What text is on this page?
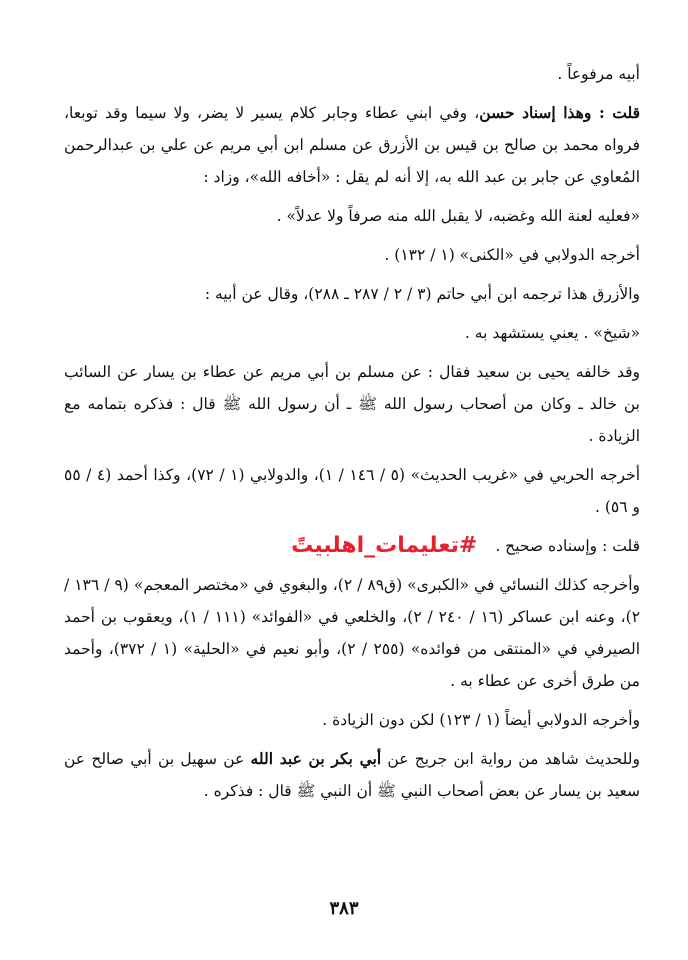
أبيه مرفوعاً .

قلت : وهذا إسناد حسن، وفي ابني عطاء وجابر كلام يسير لا يضر، ولا سيما وقد توبعا، فرواه محمد بن صالح بن قيس بن الأزرق عن مسلم ابن أبي مريم عن علي بن عبدالرحمن المُعاوي عن جابر بن عبد الله به، إلا أنه لم يقل : «أخافه الله»، وزاد :

«فعليه لعنة الله وغضبه، لا يقبل الله منه صرفاً ولا عدلاً» .

أخرجه الدولابي في «الكنى» (١ / ١٣٢) .

والأزرق هذا ترجمه ابن أبي حاتم (٣ / ٢ / ٢٨٧ ـ ٢٨٨)، وقال عن أبيه :

«شيخ» . يعني يستشهد به .

وقد خالفه يحيى بن سعيد فقال : عن مسلم بن أبي مريم عن عطاء بن يسار عن السائب بن خالد ـ وكان من أصحاب رسول الله ﷺ ـ أن رسول الله ﷺ قال : فذكره بتمامه مع الزيادة .

أخرجه الحربي في «غريب الحديث» (٥ / ١٤٦ / ١)، والدولابي (١ / ٧٢)، وكذا أحمد (٤ / ٥٥ و ٥٦) .

قلت : وإسناده صحيح .#تعليمات_اهلبيتً

وأخرجه كذلك النسائي في «الكبرى» (ق٨٩ / ٢)، والبغوي في «مختصر المعجم» (٩ / ١٣٦ / ٢)، وعنه ابن عساكر (١٦ / ٢٤٠ / ٢)، والخلعي في «الفوائد» (١١١ / ١)، ويعقوب بن أحمد الصيرفي في «المنتقى من فوائده» (٢٥٥ / ٢)، وأبو نعيم في «الحلية» (١ / ٣٧٢)، وأحمد من طرق أخرى عن عطاء به .

وأخرجه الدولابي أيضاً (١ / ١٢٣) لكن دون الزيادة .

وللحديث شاهد من رواية ابن جريج عن أبي بكر بن عبد الله عن سهيل بن أبي صالح عن سعيد بن يسار عن بعض أصحاب النبي ﷺ أن النبي ﷺ قال : فذكره .

٣٨٣
